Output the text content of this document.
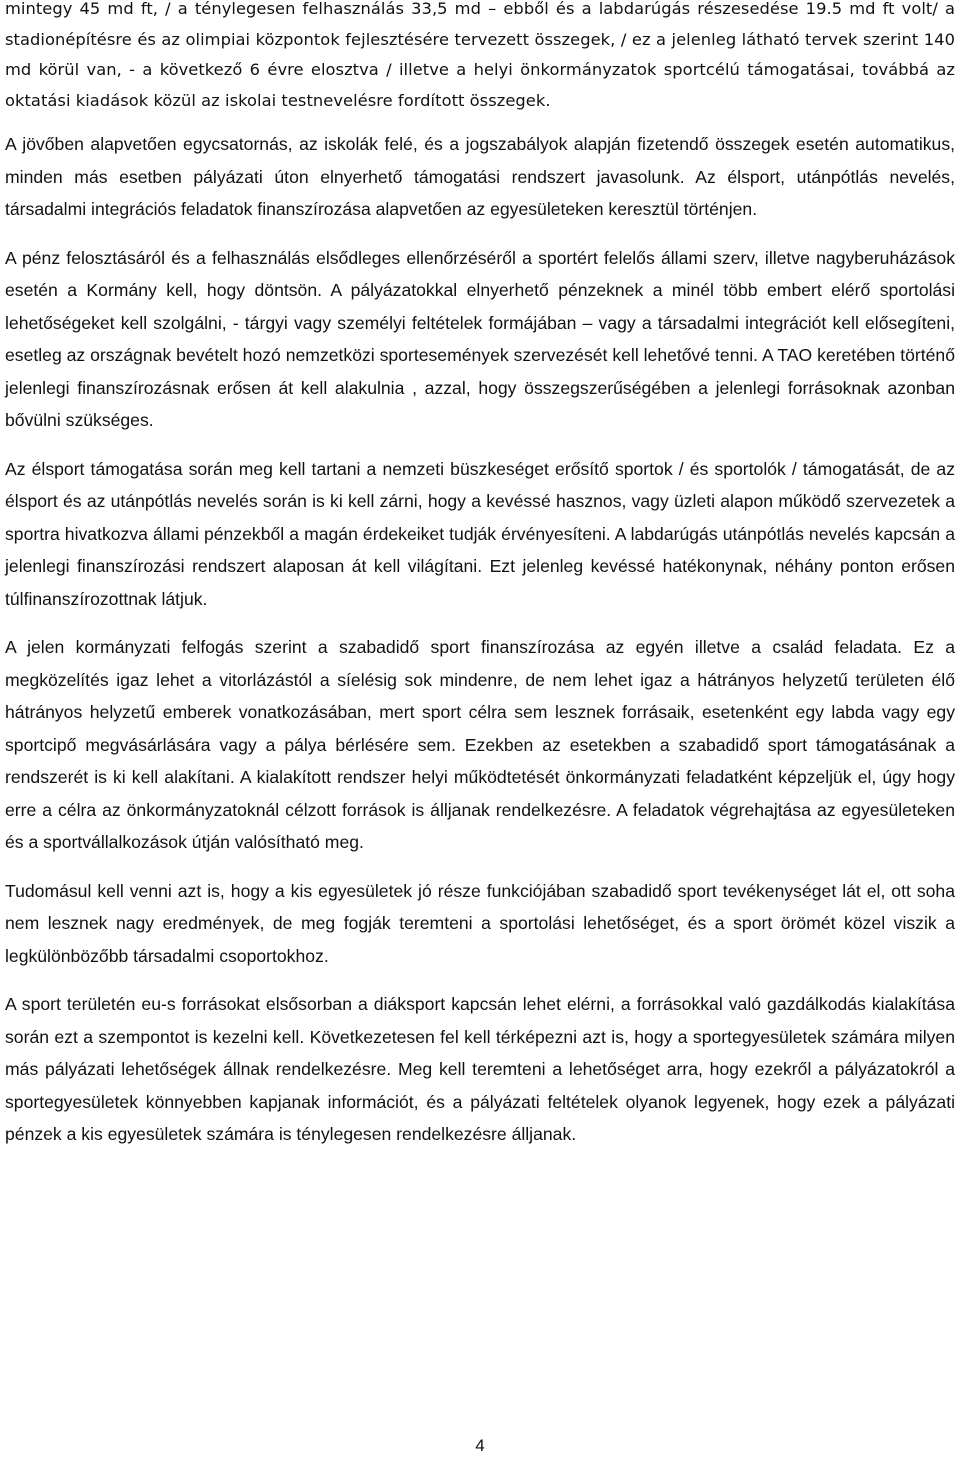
mintegy 45 md ft, / a ténylegesen felhasználás 33,5 md – ebből és a labdarúgás részesedése 19.5 md ft volt/ a stadionépítésre és az olimpiai központok fejlesztésére tervezett összegek, / ez a jelenleg látható tervek szerint 140 md körül van, - a következő 6 évre elosztva / illetve a helyi önkormányzatok sportcélú támogatásai, továbbá az oktatási kiadások közül az iskolai testnevelésre fordított összegek.

A jövőben alapvetően egycsatornás, az iskolák felé, és a jogszabályok alapján fizetendő összegek esetén automatikus, minden más esetben pályázati úton elnyerhető támogatási rendszert javasolunk. Az élsport, utánpótlás nevelés, társadalmi integrációs feladatok finanszírozása alapvetően az egyesületeken keresztül történjen.

A pénz felosztásáról és a felhasználás elsődleges ellenőrzéséről a sportért felelős állami szerv, illetve nagyberuházások esetén a Kormány kell, hogy döntsön. A pályázatokkal elnyerhető pénzeknek a minél több embert elérő sportolási lehetőségeket kell szolgálni, - tárgyi vagy személyi feltételek formájában – vagy a társadalmi integrációt kell elősegíteni, esetleg az országnak bevételt hozó nemzetközi sportesemények szervezését kell lehetővé tenni. A TAO keretében történő jelenlegi finanszírozásnak erősen át kell alakulnia , azzal, hogy összegszerűségében a jelenlegi forrásoknak azonban bővülni szükséges.

Az élsport támogatása során meg kell tartani a nemzeti büszkeséget erősítő sportok / és sportolók / támogatását, de az élsport és az utánpótlás nevelés során is ki kell zárni, hogy a kevéssé hasznos, vagy üzleti alapon működő szervezetek a sportra hivatkozva állami pénzekből a magán érdekeiket tudják érvényesíteni. A labdarúgás utánpótlás nevelés kapcsán a jelenlegi finanszírozási rendszert alaposan át kell világítani. Ezt jelenleg kevéssé hatékonynak, néhány ponton erősen túlfinanszírozottnak látjuk.

A jelen kormányzati felfogás szerint a szabadidő sport finanszírozása az egyén illetve a család feladata. Ez a megközelítés igaz lehet a vitorlázástól a síelésig sok mindenre, de nem lehet igaz a hátrányos helyzetű területen élő hátrányos helyzetű emberek vonatkozásában, mert sport célra sem lesznek forrásaik, esetenként egy labda vagy egy sportcipő megvásárlására vagy a pálya bérlésére sem. Ezekben az esetekben a szabadidő sport támogatásának a rendszerét is ki kell alakítani. A kialakított rendszer helyi működtetését önkormányzati feladatként képzeljük el, úgy hogy erre a célra az önkormányzatoknál célzott források is álljanak rendelkezésre. A feladatok végrehajtása az egyesületeken és a sportvállalkozások útján valósítható meg.

Tudomásul kell venni azt is, hogy a kis egyesületek jó része funkciójában szabadidő sport tevékenységet lát el, ott soha nem lesznek nagy eredmények, de meg fogják teremteni a sportolási lehetőséget, és a sport örömét közel viszik a legkülönbözőbb társadalmi csoportokhoz.

A sport területén eu-s forrásokat elsősorban a diáksport kapcsán lehet elérni, a forrásokkal való gazdálkodás kialakítása során ezt a szempontot is kezelni kell. Következetesen fel kell térképezni azt is, hogy a sportegyesületek számára milyen más pályázati lehetőségek állnak rendelkezésre. Meg kell teremteni a lehetőséget arra, hogy ezekről a pályázatokról a sportegyesületek könnyebben kapjanak információt, és a pályázati feltételek olyanok legyenek, hogy ezek a pályázati pénzek a kis egyesületek számára is ténylegesen rendelkezésre álljanak.

4
